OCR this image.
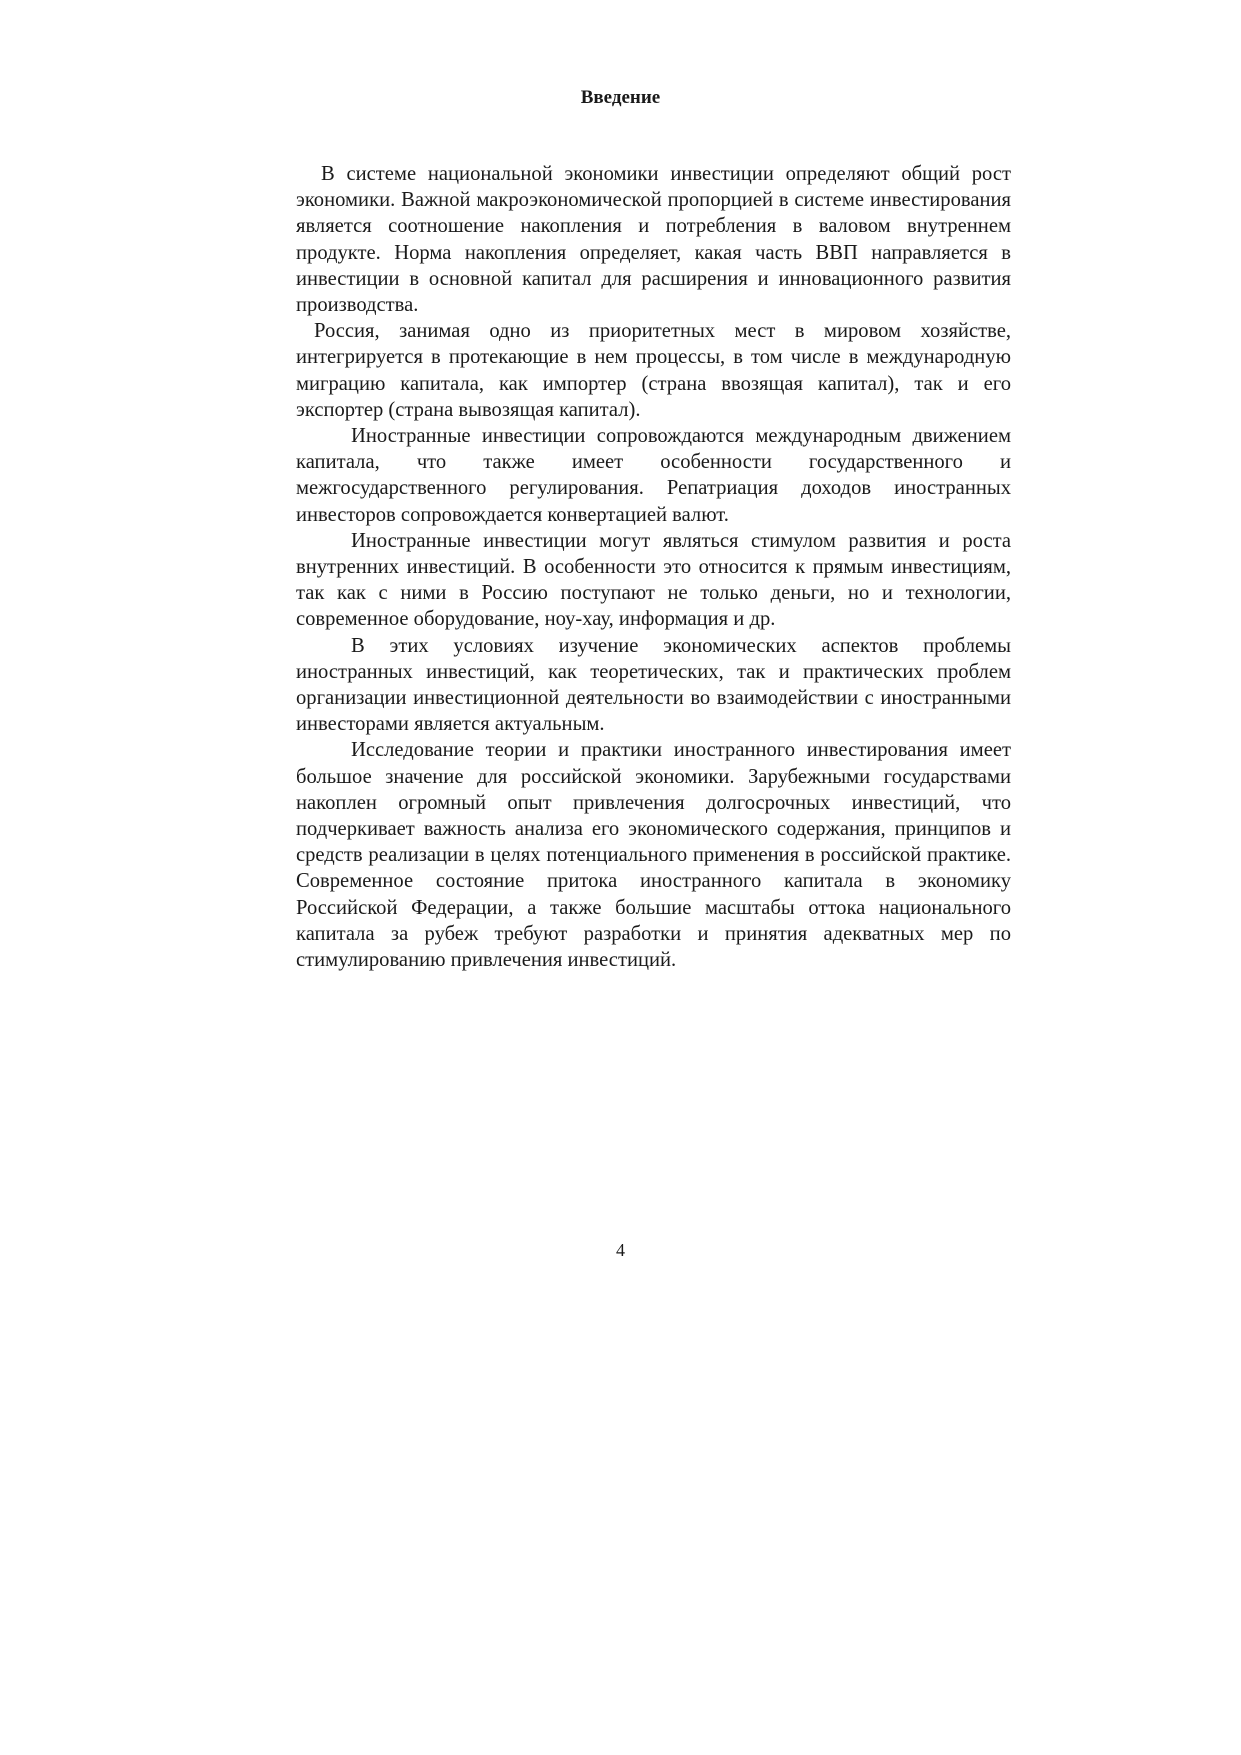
Введение

В системе национальной экономики инвестиции определяют общий рост экономики. Важной макроэкономической пропорцией в системе инвестирования является соотношение накопления и потребления в валовом внутреннем продукте. Норма накопления определяет, какая часть ВВП направляется в инвестиции в основной капитал для расширения и инновационного развития производства.

Россия, занимая одно из приоритетных мест в мировом хозяйстве, интегрируется в протекающие в нем процессы, в том числе в международную миграцию капитала, как импортер (страна ввозящая капитал), так и его экспортер (страна вывозящая капитал).

Иностранные инвестиции сопровождаются международным движением капитала, что также имеет особенности государственного и межгосударственного регулирования. Репатриация доходов иностранных инвесторов сопровождается конвертацией валют.

Иностранные инвестиции могут являться стимулом развития и роста внутренних инвестиций. В особенности это относится к прямым инвестициям, так как с ними в Россию поступают не только деньги, но и технологии, современное оборудование, ноу-хау, информация и др.

В этих условиях изучение экономических аспектов проблемы иностранных инвестиций, как теоретических, так и практических проблем организации инвестиционной деятельности во взаимодействии с иностранными инвесторами является актуальным.

Исследование теории и практики иностранного инвестирования имеет большое значение для российской экономики. Зарубежными государствами накоплен огромный опыт привлечения долгосрочных инвестиций, что подчеркивает важность анализа его экономического содержания, принципов и средств реализации в целях потенциального применения в российской практике. Современное состояние притока иностранного капитала в экономику Российской Федерации, а также большие масштабы оттока национального капитала за рубеж требуют разработки и принятия адекватных мер по стимулированию привлечения инвестиций.

4
